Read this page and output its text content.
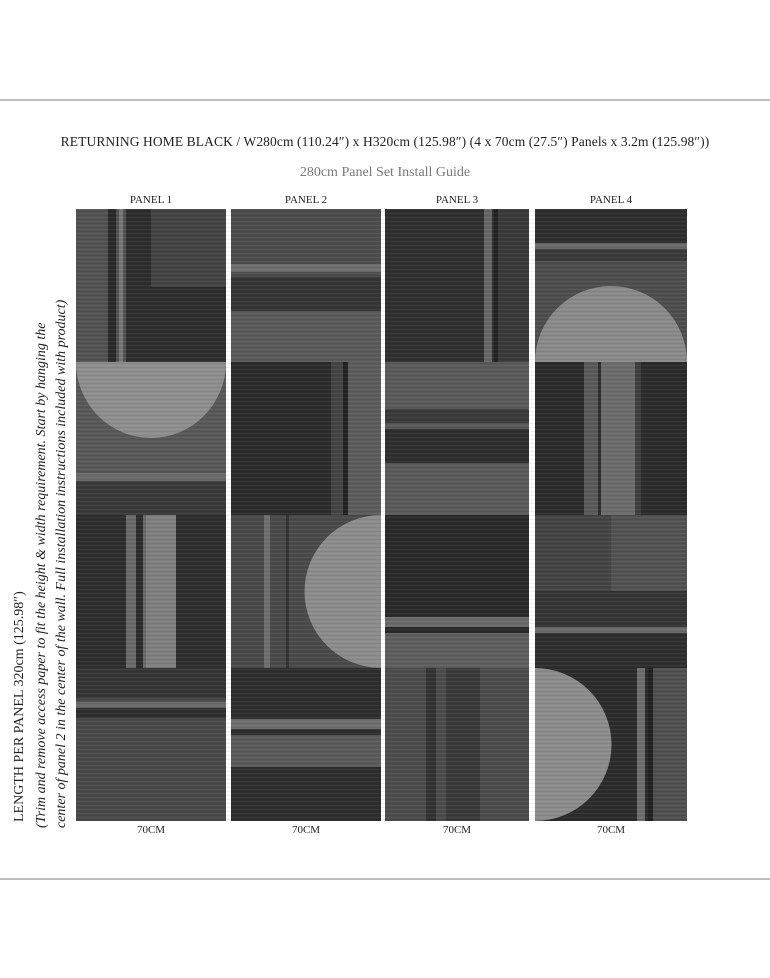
RETURNING HOME BLACK / W280cm (110.24″) x H320cm (125.98″) (4 x 70cm (27.5″) Panels x 3.2m (125.98″))
280cm Panel Set Install Guide
PANEL 1	PANEL 2	PANEL 3	PANEL 4
LENGTH PER PANEL 320cm (125.98″) (Trim and remove access paper to fit the height & width requirement. Start by hanging the center of panel 2 in the center of the wall. Full installation instructions included with product)
70CM	70CM	70CM	70CM
